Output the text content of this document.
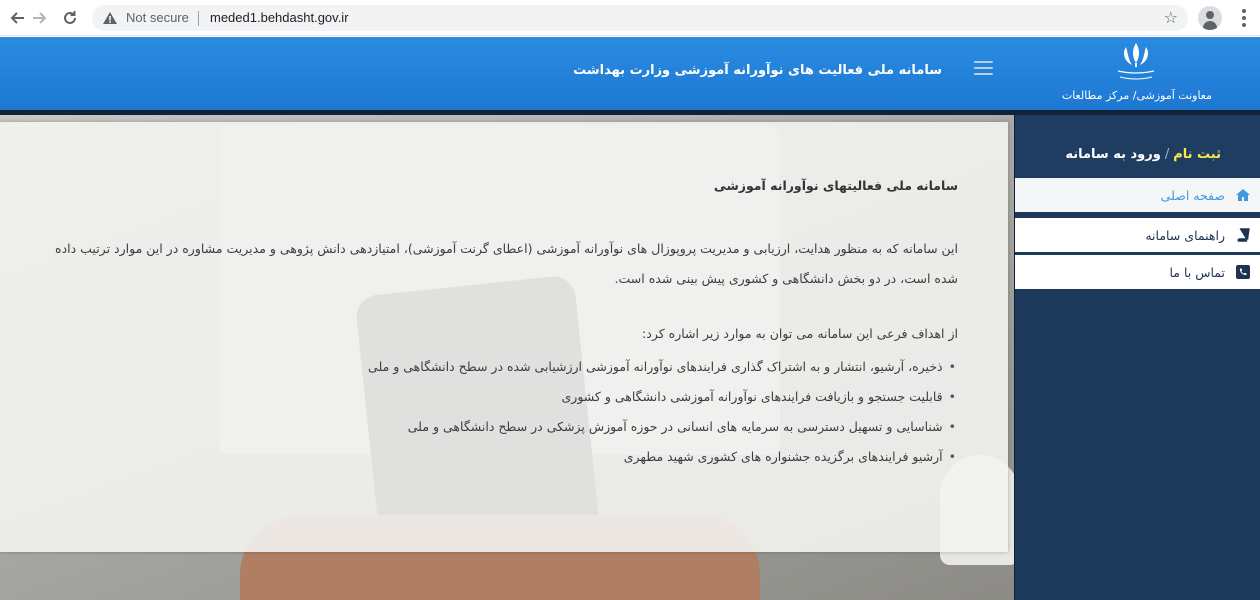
Not secure meded1.behdasht.gov.ir	☆
سامانه ملی فعالیت های نوآورانه آموزشی وزارت بهداشت
معاونت آموزشی/ مرکز مطالعات
سامانه ملی فعالیتهای نوآورانه آموزشی

این سامانه که به منظور هدایت، ارزیابی و مدیریت پروپوزال های نوآورانه آموزشی (اعطای گرنت آموزشی)، امتیازدهی دانش پژوهی و مدیریت مشاوره در این موارد ترتیب داده شده است، در دو بخش دانشگاهی و کشوری پیش بینی شده است.

از اهداف فرعی این سامانه می توان به موارد زیر اشاره کرد:
• ذخیره، آرشیو، انتشار و به اشتراک گذاری فرایندهای نوآورانه آموزشی ارزشیابی شده در سطح دانشگاهی و ملی
• قابلیت جستجو و بازیافت فرایندهای نوآورانه آموزشی دانشگاهی و کشوری
• شناسایی و تسهیل دسترسی به سرمایه های انسانی در حوزه آموزش پزشکی در سطح دانشگاهی و ملی
• آرشیو فرایندهای برگزیده جشنواره های کشوری شهید مطهری
ثبت نام/ورود به سامانه
صفحه اصلی
راهنمای سامانه
تماس با ما
